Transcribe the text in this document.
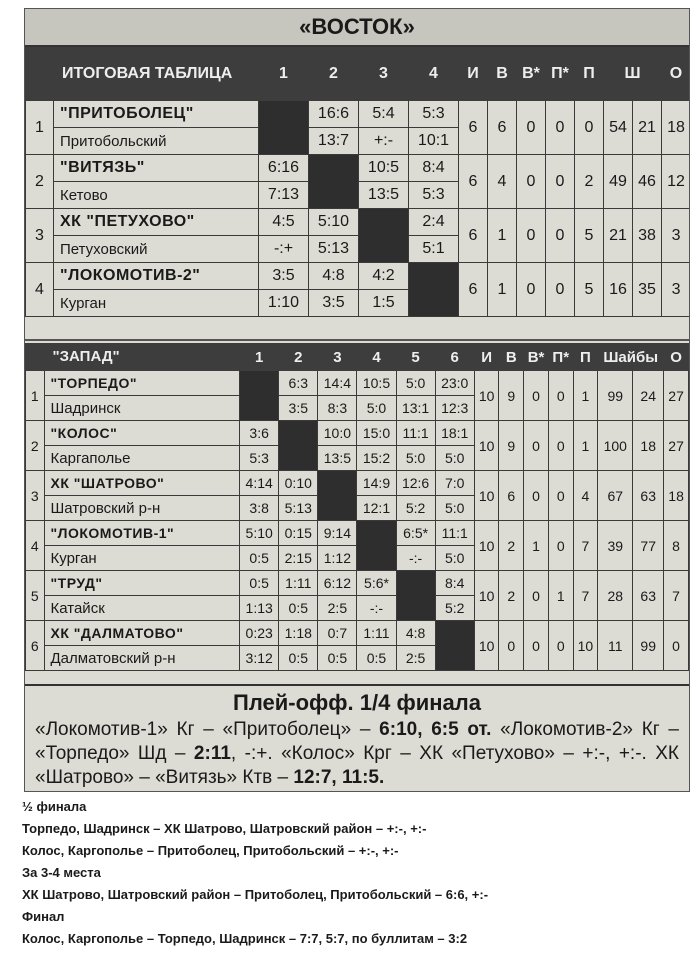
«ВОСТОК»
	ИТОГОВАЯ ТАБЛИЦА	1	2	3	4	И	В	В*	П*	П	Ш		О
1	"ПРИТОБОЛЕЦ"		16:6	5:4	5:3	6	6	0	0	0	54	21	18
	Притобольский		13:7	+:-	10:1								
2	"ВИТЯЗЬ"	6:16		10:5	8:4	6	4	0	0	2	49	46	12
	Кетово	7:13		13:5	5:3								
3	ХК "ПЕТУХОВО"	4:5	5:10		2:4	6	1	0	0	5	21	38	3
	Петуховский	-:+	5:13		5:1								
4	"ЛОКОМОТИВ-2"	3:5	4:8	4:2		6	1	0	0	5	16	35	3
	Курган	1:10	3:5	1:5									
	"ЗАПАД"	1	2	3	4	5	6	И	В	В*	П*	П	Шайбы		О
1	"ТОРПЕДО"		6:3	14:4	10:5	5:0	23:0	10	9	0	0	1	99	24	27
	Шадринск		3:5	8:3	5:0	13:1	12:3								
2	"КОЛОС"	3:6		10:0	15:0	11:1	18:1	10	9	0	0	1	100	18	27
	Каргаполье	5:3		13:5	15:2	5:0	5:0								
3	ХК "ШАТРОВО"	4:14	0:10		14:9	12:6	7:0	10	6	0	0	4	67	63	18
	Шатровский р-н	3:8	5:13		12:1	5:2	5:0								
4	"ЛОКОМОТИВ-1"	5:10	0:15	9:14		6:5*	11:1	10	2	1	0	7	39	77	8
	Курган	0:5	2:15	1:12		-:-	5:0								
5	"ТРУД"	0:5	1:11	6:12	5:6*		8:4	10	2	0	1	7	28	63	7
	Катайск	1:13	0:5	2:5	-:-		5:2								
6	ХК "ДАЛМАТОВО"	0:23	1:18	0:7	1:11	4:8		10	0	0	0	10	11	99	0
	Далматовский р-н	3:12	0:5	0:5	0:5	2:5									
Плей-офф. 1/4 финала
«Локомотив-1» Кг – «Притоболец» – 6:10, 6:5 от. «Локомотив-2» Кг – «Торпедо» Шд – 2:11, -:+. «Колос» Крг – ХК «Петухово» – +:-, +:-. ХК «Шатрово» – «Витязь» Ктв – 12:7, 11:5.
½ финала
Торпедо, Шадринск – ХК Шатрово, Шатровский район – +:-, +:-
Колос, Каргополье – Притоболец, Притобольский – +:-, +:-
За 3-4 места
ХК Шатрово, Шатровский район – Притоболец, Притобольский – 6:6, +:-
Финал
Колос, Каргополье – Торпедо, Шадринск – 7:7, 5:7, по буллитам – 3:2
